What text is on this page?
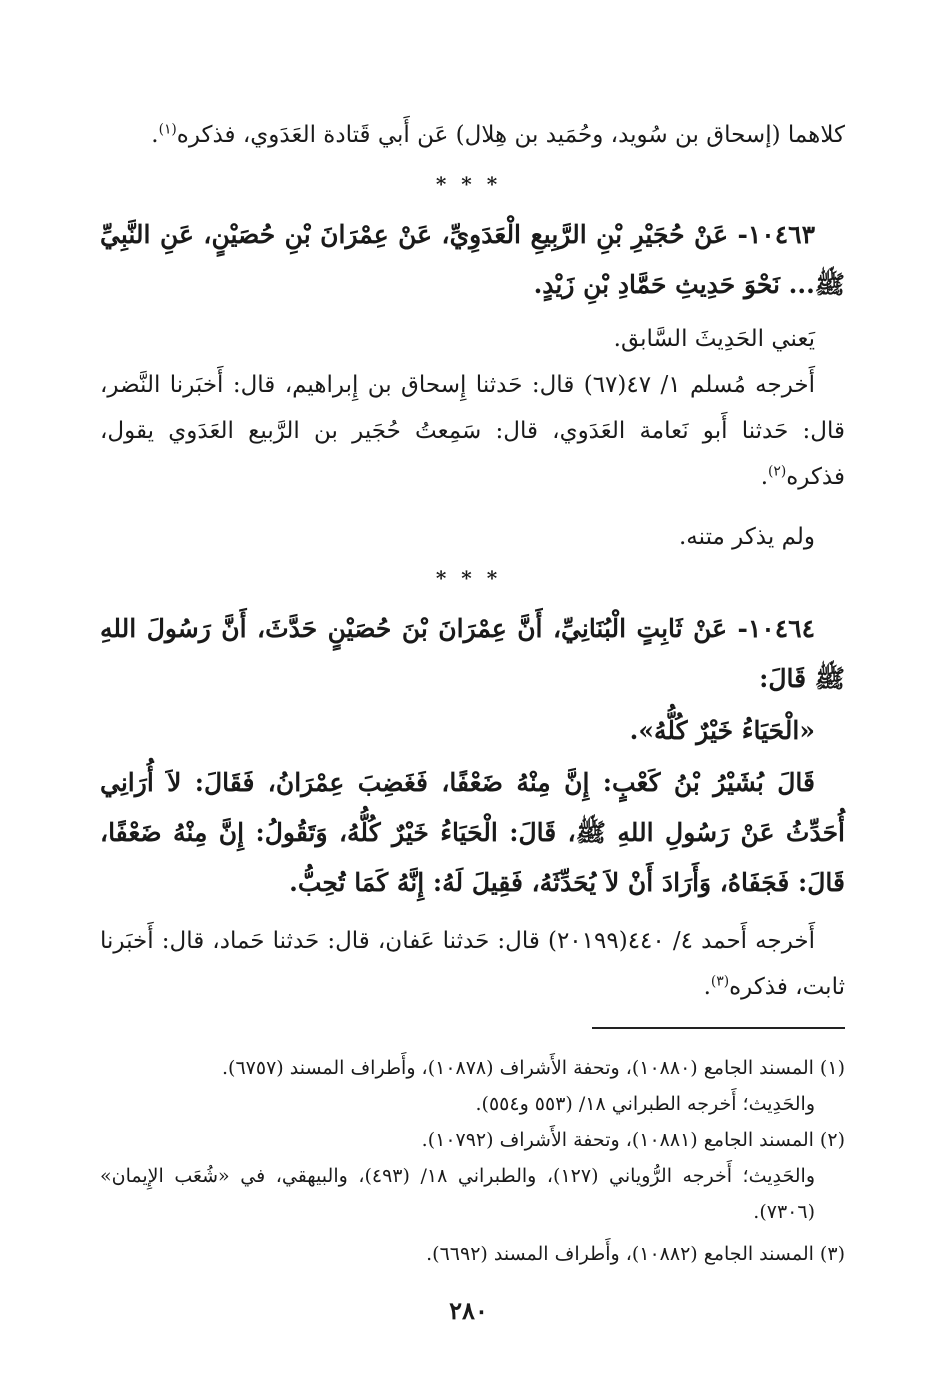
كلاهما (إسحاق بن سُويد، وحُمَيد بن هِلال) عَن أَبي قَتادة العَدَوي، فذكره$^{(١)}$.
* * *
١٠٤٦٣- عَنْ حُجَيْرِ بْنِ الرَّبِيعِ الْعَدَوِيِّ، عَنْ عِمْرَانَ بْنِ حُصَيْنٍ، عَنِ النَّبِيِّ ﷺ... نَحْوَ حَدِيثِ حَمَّادِ بْنِ زَيْدٍ.
يَعني الحَدِيثَ السَّابق.
أَخرجه مُسلم ١/ ٤٧(٦٧) قال: حَدثنا إِسحاق بن إِبراهيم، قال: أَخبَرنا النَّضر، قال: حَدثنا أَبو نَعامة العَدَوي، قال: سَمِعتُ حُجَير بن الرَّبيع العَدَوي يقول، فذكره$^{(٢)}$.
ولم يذكر متنه.
* * *
١٠٤٦٤- عَنْ ثَابِتٍ الْبُنَانِيِّ، أَنَّ عِمْرَانَ بْنَ حُصَيْنٍ حَدَّثَ، أَنَّ رَسُولَ اللهِ ﷺ قَالَ:
«الْحَيَاءُ خَيْرٌ كُلُّهُ».
قَالَ بُشَيْرُ بْنُ كَعْبٍ: إِنَّ مِنْهُ ضَعْفًا، فَغَضِبَ عِمْرَانُ، فَقَالَ: لاَ أُرَانِي أُحَدِّثُ عَنْ رَسُولِ اللهِ ﷺ، قَالَ: الْحَيَاءُ خَيْرٌ كُلُّهُ، وَتَقُولُ: إِنَّ مِنْهُ ضَعْفًا، قَالَ: فَجَفَاهُ، وَأَرَادَ أَنْ لاَ يُحَدِّثَهُ، فَقِيلَ لَهُ: إِنَّهُ كَمَا تُحِبُّ.
أَخرجه أَحمد ٤/ ٤٤٠(٢٠١٩٩) قال: حَدثنا عَفان، قال: حَدثنا حَماد، قال: أَخبَرنا ثابت، فذكره$^{(٣)}$.
(١) المسند الجامع (١٠٨٨٠)، وتحفة الأَشراف (١٠٨٧٨)، وأَطراف المسند (٦٧٥٧).
والحَدِيث؛ أَخرجه الطبراني ١٨/ (٥٥٣ و٥٥٤).
(٢) المسند الجامع (١٠٨٨١)، وتحفة الأَشراف (١٠٧٩٢).
والحَدِيث؛ أَخرجه الرُّوياني (١٢٧)، والطبراني ١٨/ (٤٩٣)، والبيهقي، في «شُعَب الإِيمان» (٧٣٠٦).
(٣) المسند الجامع (١٠٨٨٢)، وأَطراف المسند (٦٦٩٢).
٢٨٠
